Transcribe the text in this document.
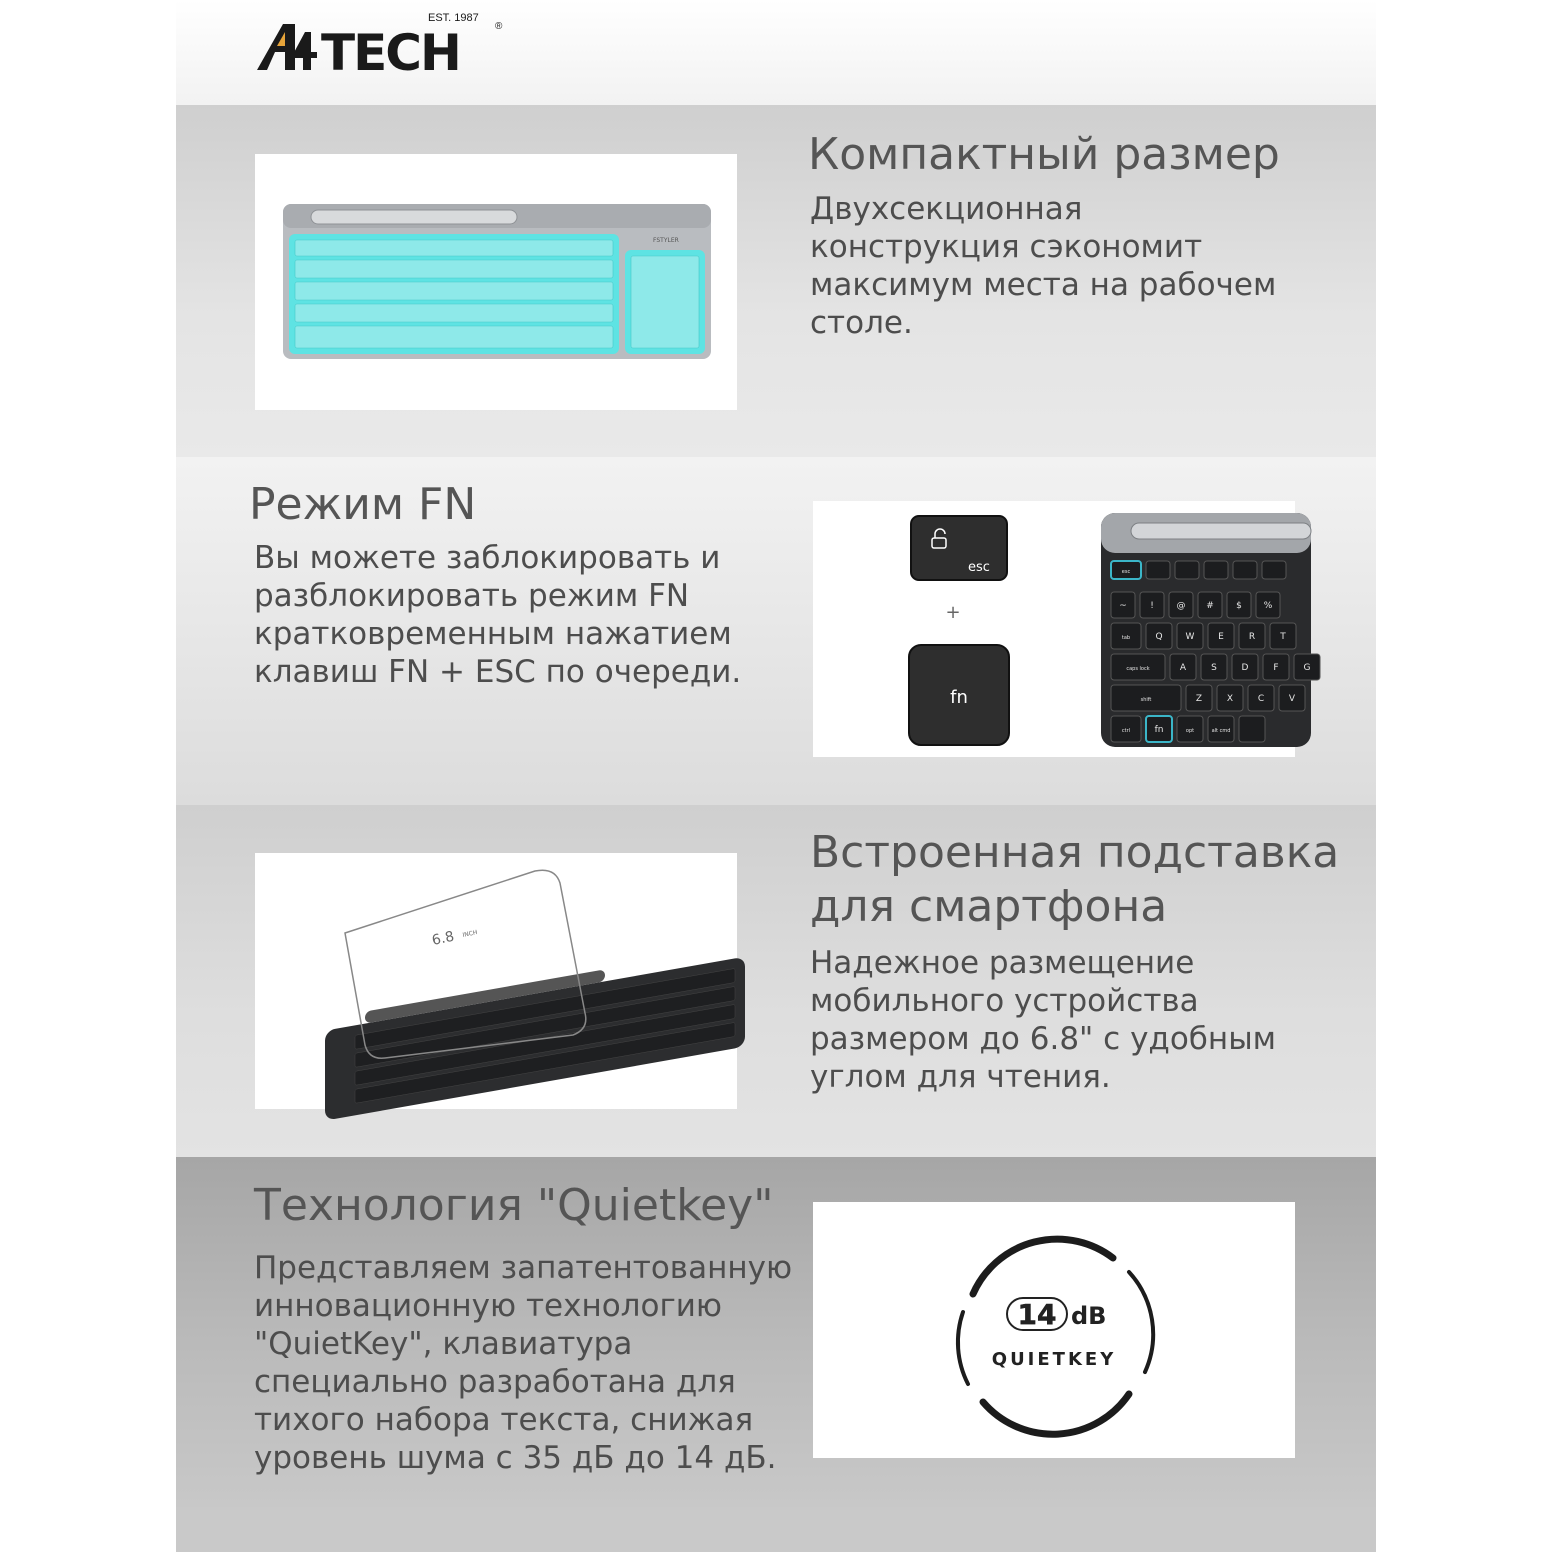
TECH
EST. 1987
®
FSTYLER
Компактный размер
Двухсекционная
конструкция сэкономит
максимум места на рабочем
столе.
Режим FN
Вы можете заблокировать и
разблокировать режим FN
кратковременным нажатием
клавиш FN + ESC по очереди.
esc
+
fn
esc
~	!	@ # $ %
tab	Q	W	E	R	T
caps lock	A	S	D	F	G
shift	Z	X	C	V
ctrl	fn	opt	alt cmd
6.8 INCH
Встроенная подставка
для смартфона
Надежное размещение
мобильного устройства
размером до 6.8" с удобным
углом для чтения.
Технология "Quietkey"
Представляем запатентованную
инновационную технологию
"QuietKey", клавиатура
специально разработана для
тихого набора текста, снижая
уровень шума с 35 дБ до 14 дБ.
14 dB
QUIETKEY
